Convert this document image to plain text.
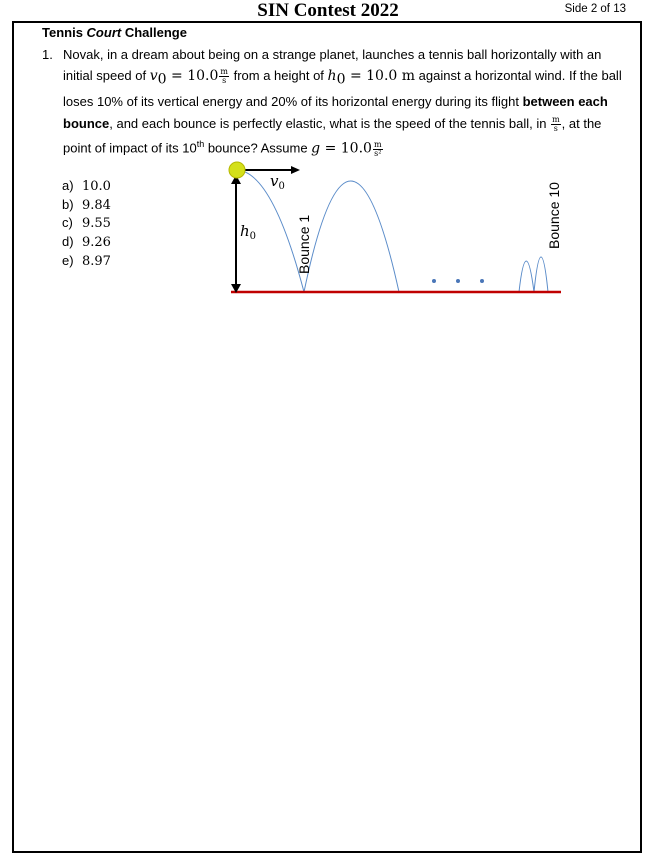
SIN Contest 2022	Side 2 of 13
Tennis Court Challenge
1. Novak, in a dream about being on a strange planet, launches a tennis ball horizontally with an initial speed of $v_0 = 10.0 \frac{m}{s}$ from a height of $h_0 = 10.0$ m against a horizontal wind. If the ball loses 10% of its vertical energy and 20% of its horizontal energy during its flight between each bounce, and each bounce is perfectly elastic, what is the speed of the tennis ball, in $\frac{m}{s}$ , at the point of impact of its 10th bounce? Assume $g = 10.0 \frac{m}{\text{s²}}$
a) 10.0
b) 9.84
c) 9.55
d) 9.26
e) 8.97
$v_0$
$h_0$	Bounce 1	Bounce 10
